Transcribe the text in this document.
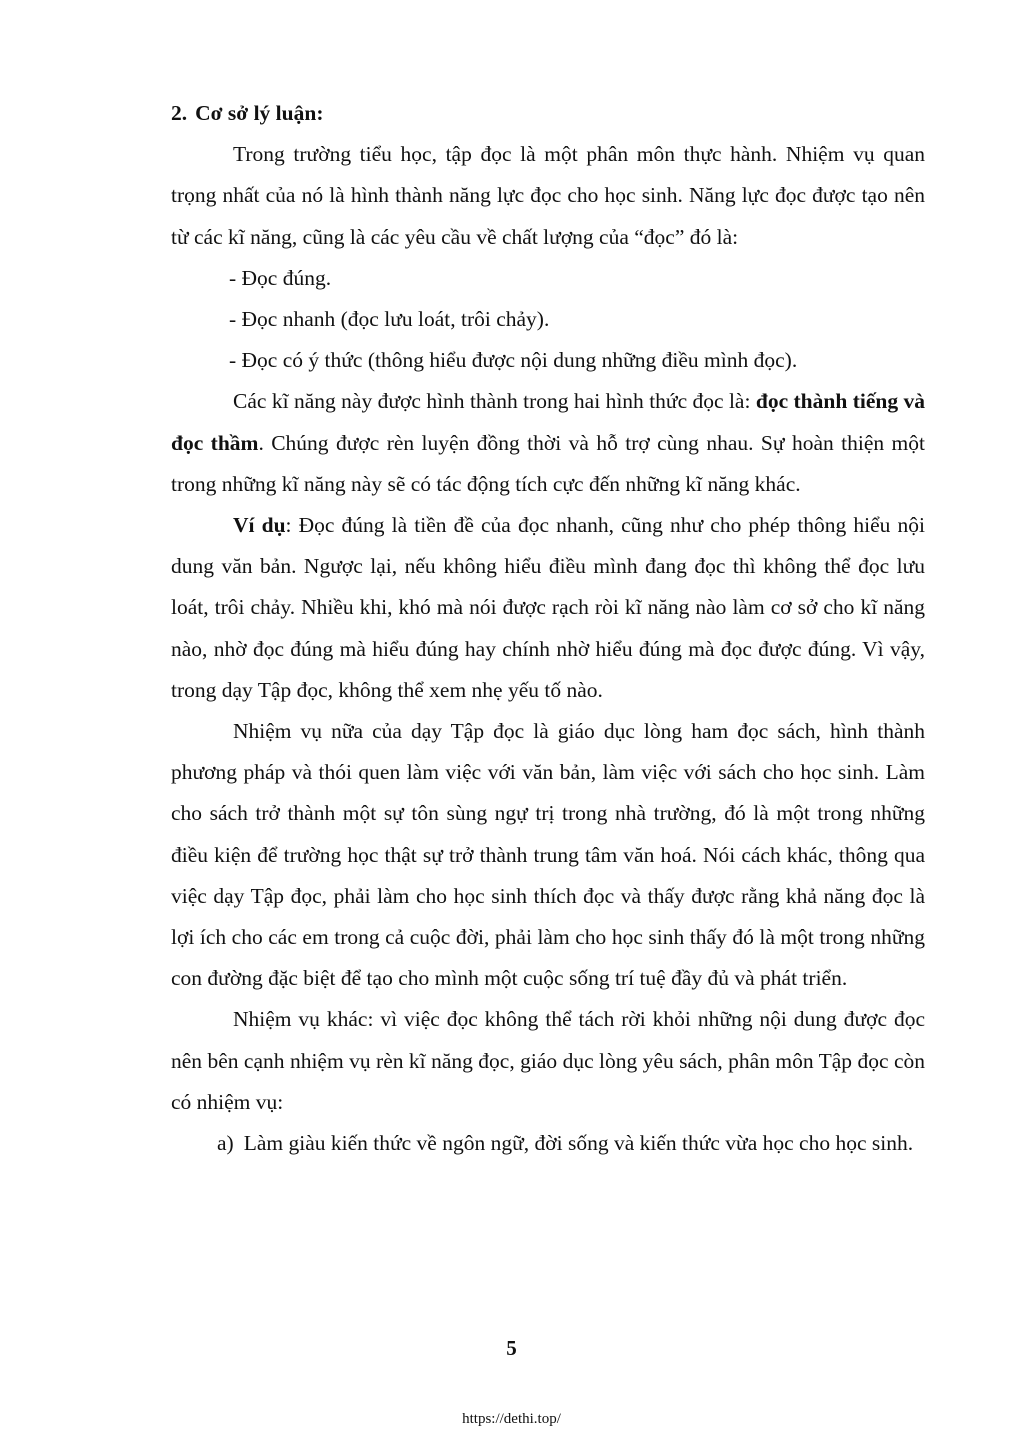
2. Cơ sở lý luận:

Trong trường tiểu học, tập đọc là một phân môn thực hành. Nhiệm vụ quan trọng nhất của nó là hình thành năng lực đọc cho học sinh. Năng lực đọc được tạo nên từ các kĩ năng, cũng là các yêu cầu về chất lượng của “đọc” đó là:

- Đọc đúng.

- Đọc nhanh (đọc lưu loát, trôi chảy).

- Đọc có ý thức (thông hiểu được nội dung những điều mình đọc).

Các kĩ năng này được hình thành trong hai hình thức đọc là: đọc thành tiếng và đọc thầm. Chúng được rèn luyện đồng thời và hỗ trợ cùng nhau. Sự hoàn thiện một trong những kĩ năng này sẽ có tác động tích cực đến những kĩ năng khác.

Ví dụ: Đọc đúng là tiền đề của đọc nhanh, cũng như cho phép thông hiểu nội dung văn bản. Ngược lại, nếu không hiểu điều mình đang đọc thì không thể đọc lưu loát, trôi chảy. Nhiều khi, khó mà nói được rạch ròi kĩ năng nào làm cơ sở cho kĩ năng nào, nhờ đọc đúng mà hiểu đúng hay chính nhờ hiểu đúng mà đọc được đúng. Vì vậy, trong dạy Tập đọc, không thể xem nhẹ yếu tố nào.

Nhiệm vụ nữa của dạy Tập đọc là giáo dục lòng ham đọc sách, hình thành phương pháp và thói quen làm việc với văn bản, làm việc với sách cho học sinh. Làm cho sách trở thành một sự tôn sùng ngự trị trong nhà trường, đó là một trong những điều kiện để trường học thật sự trở thành trung tâm văn hoá. Nói cách khác, thông qua việc dạy Tập đọc, phải làm cho học sinh thích đọc và thấy được rằng khả năng đọc là lợi ích cho các em trong cả cuộc đời, phải làm cho học sinh thấy đó là một trong những con đường đặc biệt để tạo cho mình một cuộc sống trí tuệ đầy đủ và phát triển.

Nhiệm vụ khác: vì việc đọc không thể tách rời khỏi những nội dung được đọc nên bên cạnh nhiệm vụ rèn kĩ năng đọc, giáo dục lòng yêu sách, phân môn Tập đọc còn có nhiệm vụ:

a) Làm giàu kiến thức về ngôn ngữ, đời sống và kiến thức vừa học cho học sinh.

5
https://dethi.top/
